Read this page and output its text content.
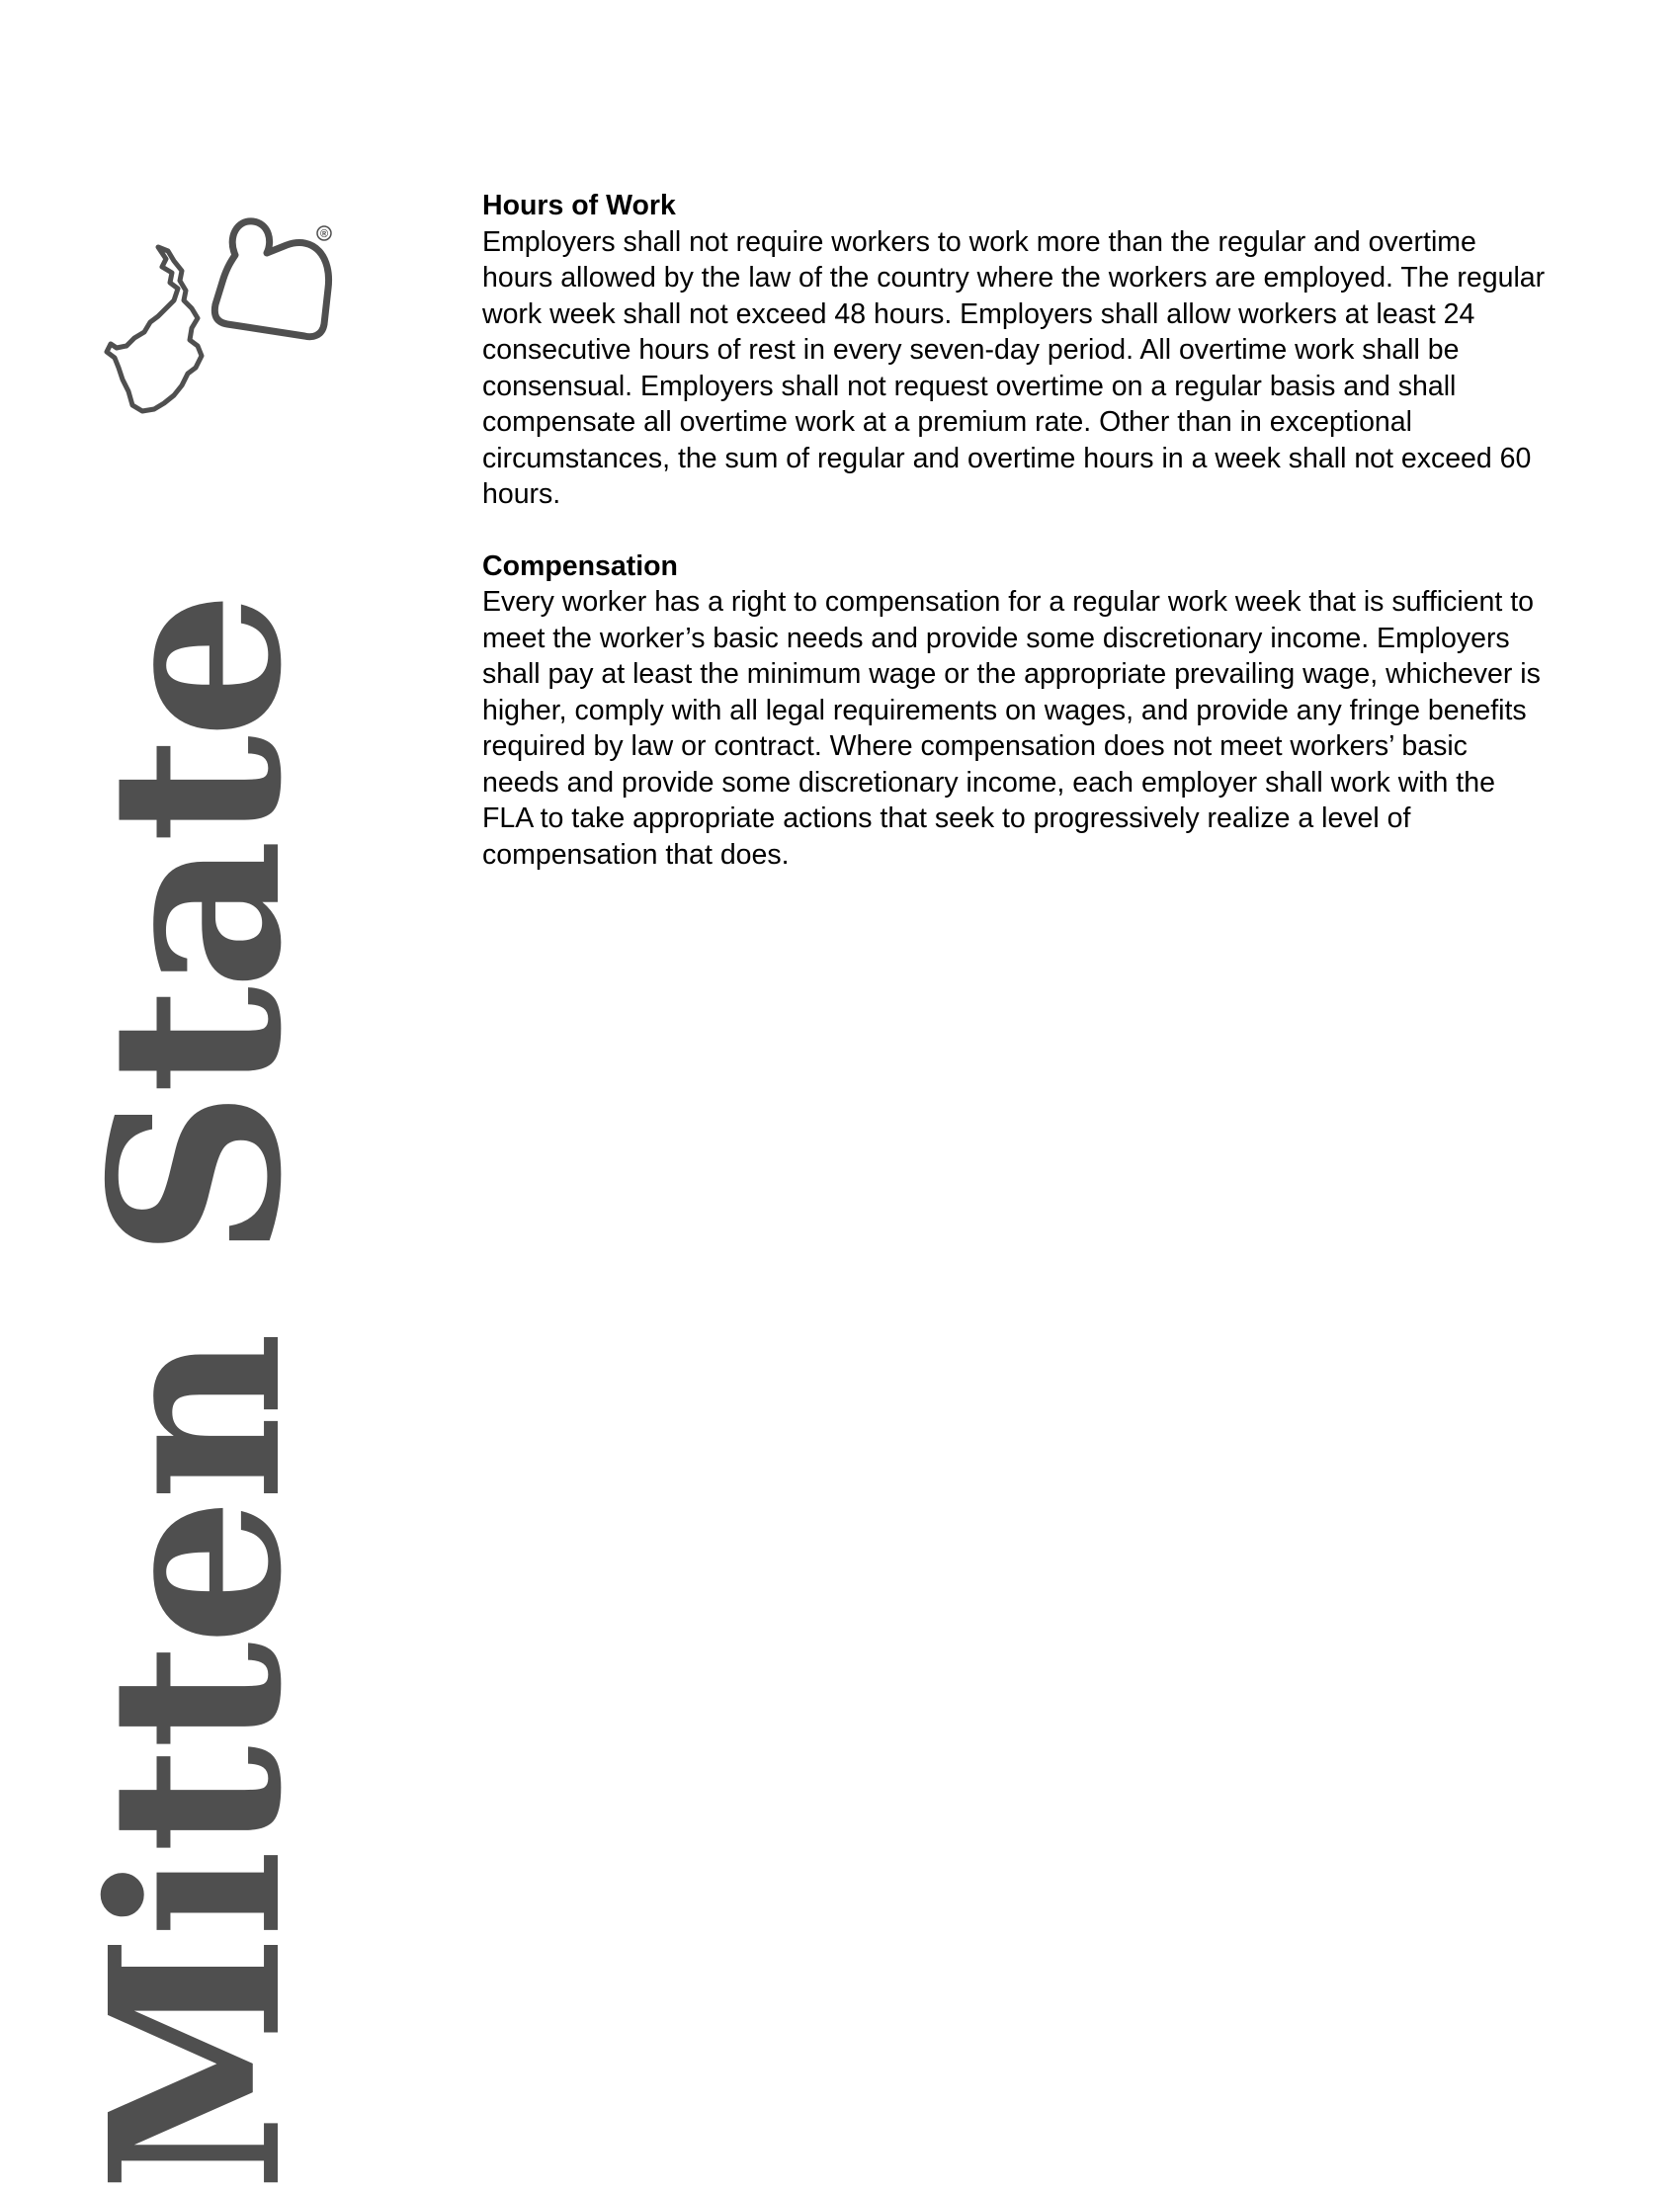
®
Mitten State

Hours of Work

Employers shall not require workers to work more than the regular and overtime hours allowed by the law of the country where the workers are employed. The regular work week shall not exceed 48 hours. Employers shall allow workers at least 24 consecutive hours of rest in every seven-day period. All overtime work shall be consensual. Employers shall not request overtime on a regular basis and shall compensate all overtime work at a premium rate. Other than in exceptional circumstances, the sum of regular and overtime hours in a week shall not exceed 60 hours.

Compensation

Every worker has a right to compensation for a regular work week that is sufficient to meet the worker’s basic needs and provide some discretionary income. Employers shall pay at least the minimum wage or the appropriate prevailing wage, whichever is higher, comply with all legal requirements on wages, and provide any fringe benefits required by law or contract. Where compensation does not meet workers’ basic needs and provide some discretionary income, each employer shall work with the FLA to take appropriate actions that seek to progressively realize a level of compensation that does.
